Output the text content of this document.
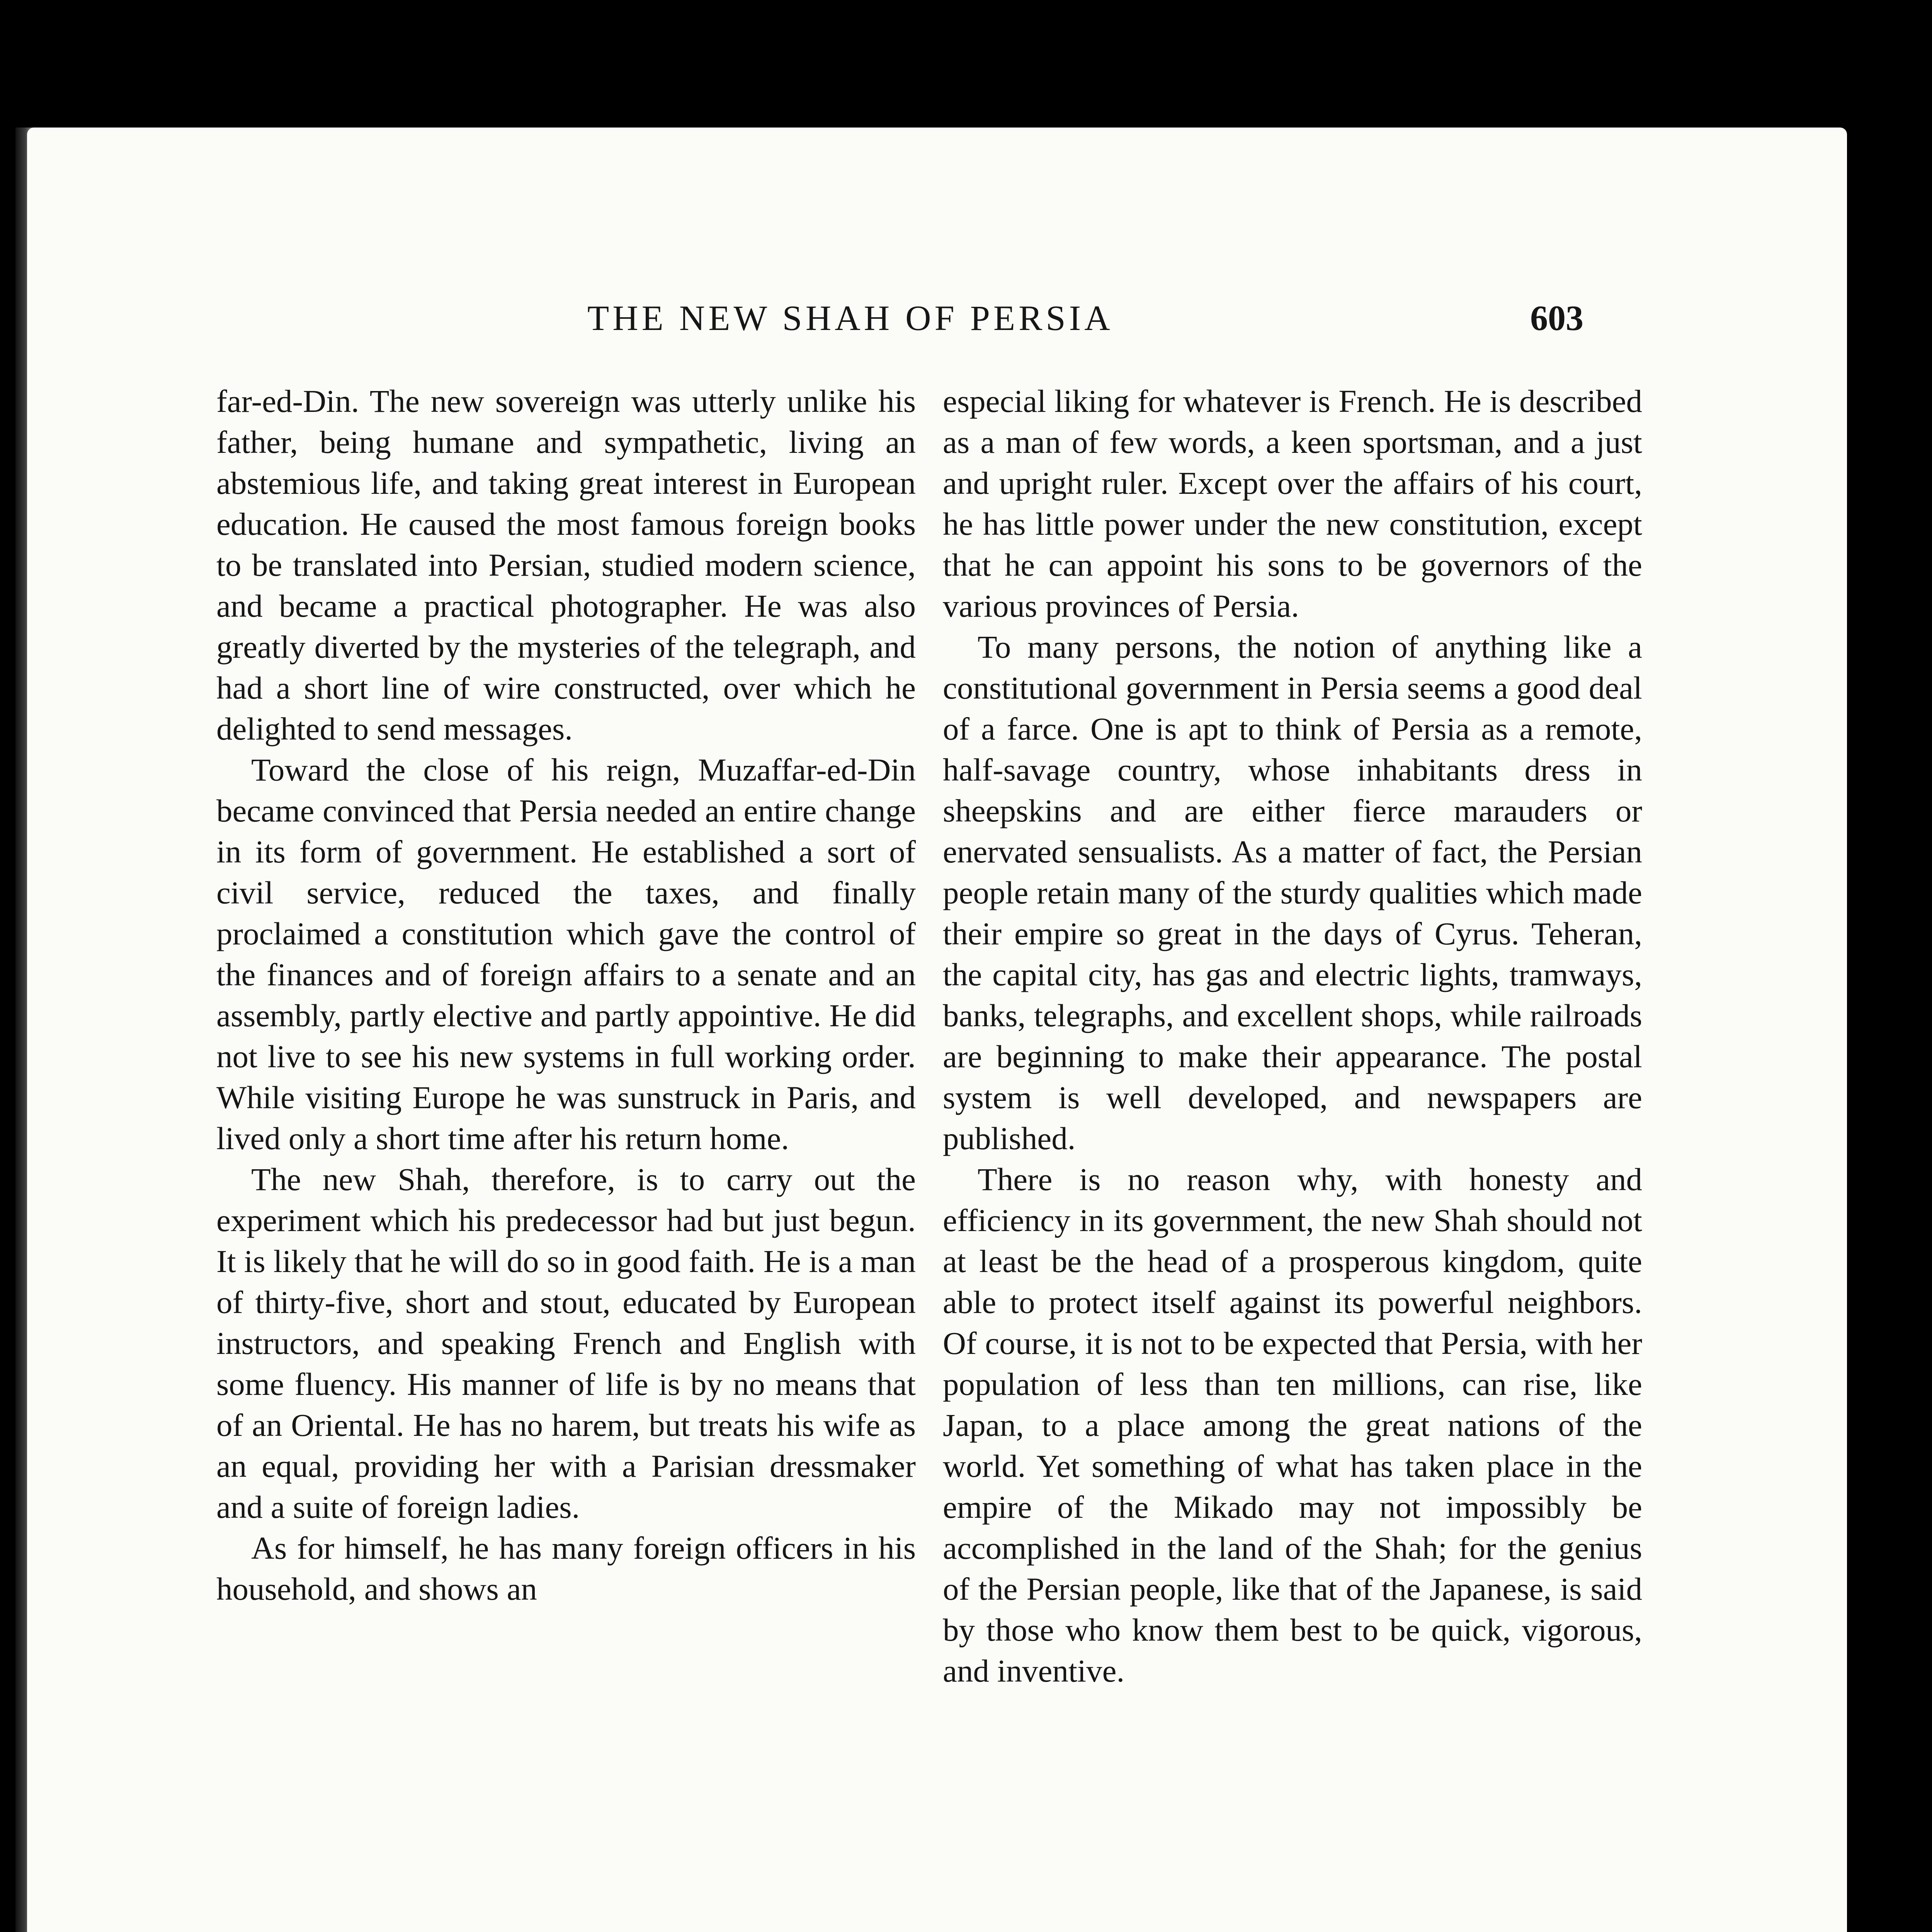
THE NEW SHAH OF PERSIA	603

far-ed-Din. The new sovereign was utterly unlike his father, being humane and sympathetic, living an abstemious life, and taking great interest in European education. He caused the most famous foreign books to be translated into Persian, studied modern science, and became a practical photographer. He was also greatly diverted by the mysteries of the telegraph, and had a short line of wire constructed, over which he delighted to send messages.

Toward the close of his reign, Muzaffar-ed-Din became convinced that Persia needed an entire change in its form of government. He established a sort of civil service, reduced the taxes, and finally proclaimed a constitution which gave the control of the finances and of foreign affairs to a senate and an assembly, partly elective and partly appointive. He did not live to see his new systems in full working order. While visiting Europe he was sunstruck in Paris, and lived only a short time after his return home.

The new Shah, therefore, is to carry out the experiment which his predecessor had but just begun. It is likely that he will do so in good faith. He is a man of thirty-five, short and stout, educated by European instructors, and speaking French and English with some fluency. His manner of life is by no means that of an Oriental. He has no harem, but treats his wife as an equal, providing her with a Parisian dressmaker and a suite of foreign ladies.

As for himself, he has many foreign officers in his household, and shows an

especial liking for whatever is French. He is described as a man of few words, a keen sportsman, and a just and upright ruler. Except over the affairs of his court, he has little power under the new constitution, except that he can appoint his sons to be governors of the various provinces of Persia.

To many persons, the notion of anything like a constitutional government in Persia seems a good deal of a farce. One is apt to think of Persia as a remote, half-savage country, whose inhabitants dress in sheepskins and are either fierce marauders or enervated sensualists. As a matter of fact, the Persian people retain many of the sturdy qualities which made their empire so great in the days of Cyrus. Teheran, the capital city, has gas and electric lights, tramways, banks, telegraphs, and excellent shops, while railroads are beginning to make their appearance. The postal system is well developed, and newspapers are published.

There is no reason why, with honesty and efficiency in its government, the new Shah should not at least be the head of a prosperous kingdom, quite able to protect itself against its powerful neighbors. Of course, it is not to be expected that Persia, with her population of less than ten millions, can rise, like Japan, to a place among the great nations of the world. Yet something of what has taken place in the empire of the Mikado may not impossibly be accomplished in the land of the Shah; for the genius of the Persian people, like that of the Japanese, is said by those who know them best to be quick, vigorous, and inventive.
